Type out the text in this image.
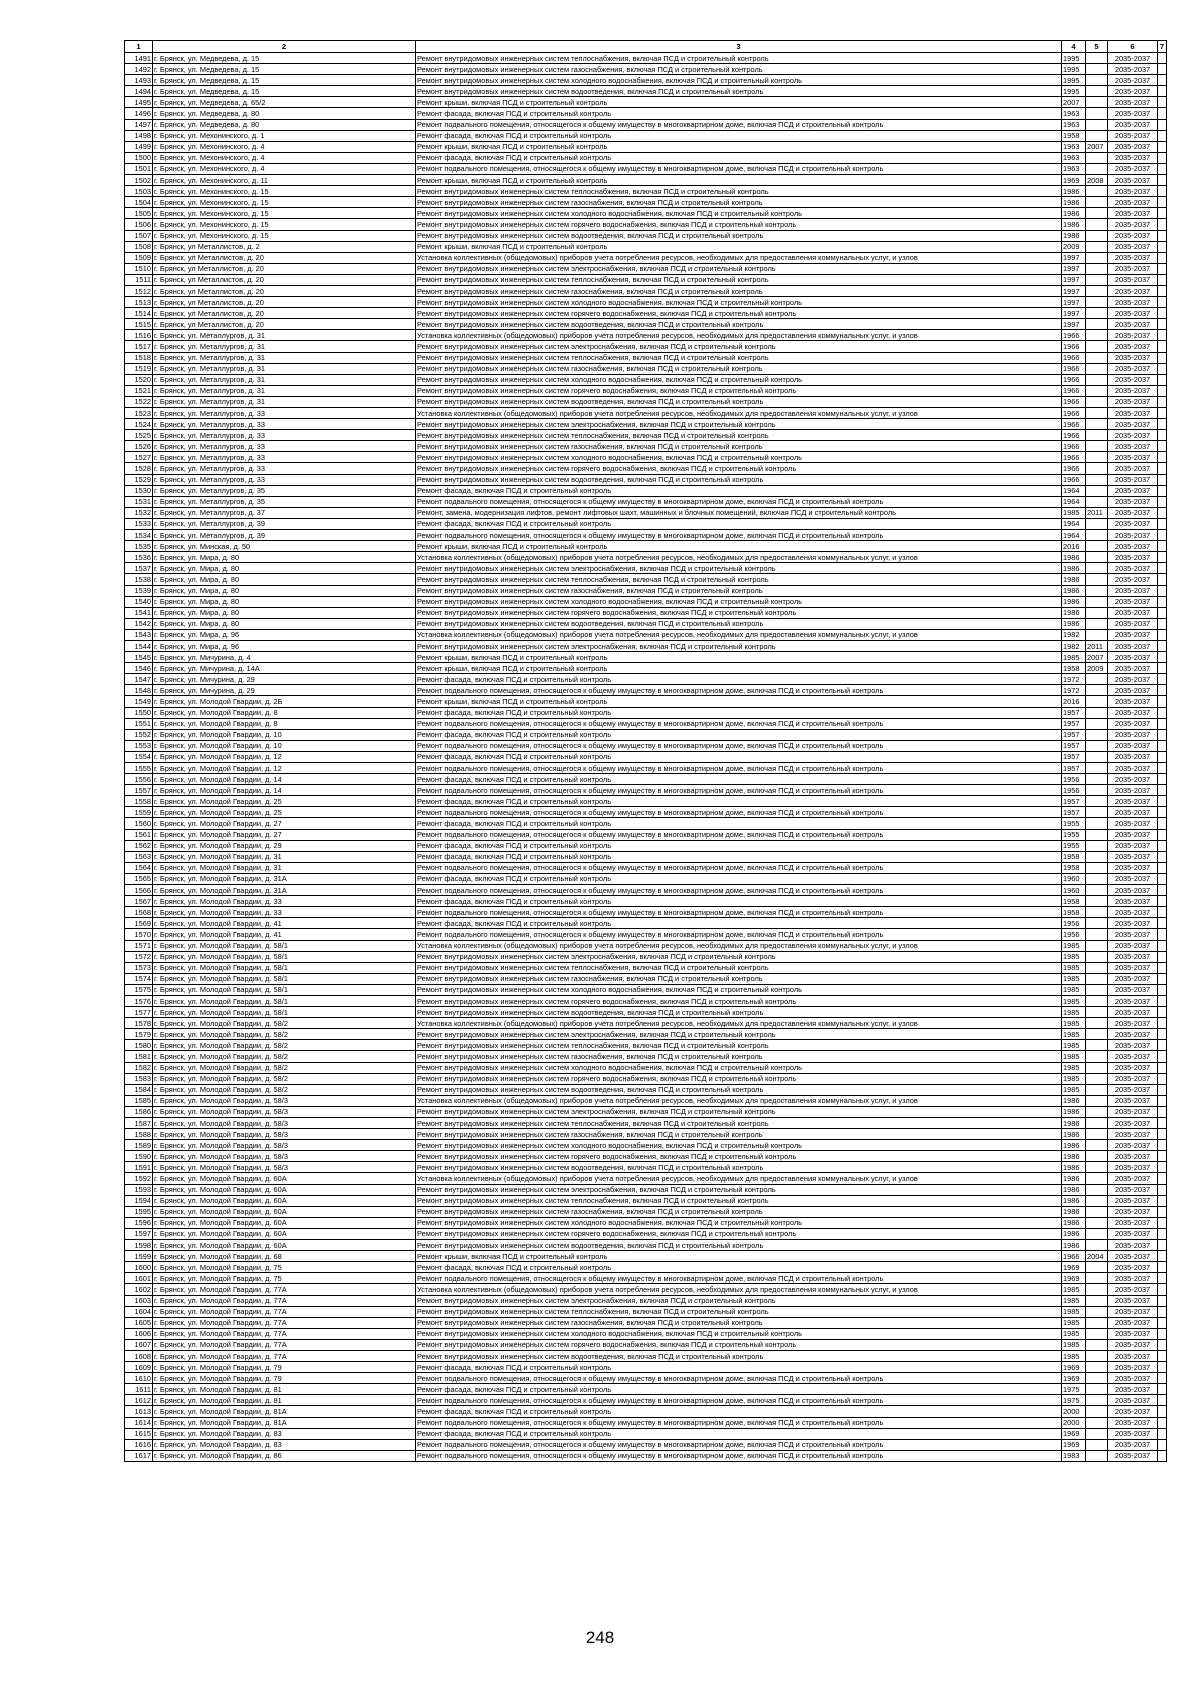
1	2	3	4	5	6	7
1491	г. Брянск, ул. Медведева, д. 15	Ремонт внутридомовых инженерных систем теплоснабжения, включая ПСД и строительный контроль	1995		2035-2037	
1492	г. Брянск, ул. Медведева, д. 15	Ремонт внутридомовых инженерных систем газоснабжения, включая ПСД и строительный контроль	1995		2035-2037	
1493	г. Брянск, ул. Медведева, д. 15	Ремонт внутридомовых инженерных систем холодного водоснабжения, включая ПСД и строительный контроль	1995		2035-2037	
1494	г. Брянск, ул. Медведева, д. 15	Ремонт внутридомовых инженерных систем водоотведения, включая ПСД и строительный контроль	1995		2035-2037	
1495	г. Брянск, ул. Медведева, д. 65/2	Ремонт крыши, включая ПСД и строительный контроль	2007		2035-2037	
1496	г. Брянск, ул. Медведева, д. 80	Ремонт фасада, включая ПСД и строительный контроль	1963		2035-2037	
1497	г. Брянск, ул. Медведева, д. 80	Ремонт подвального помещения, относящегося к общему имуществу в многоквартирном доме, включая ПСД и строительный контроль	1963		2035-2037	
1498	г. Брянск, ул. Мехонинского, д. 1	Ремонт фасада, включая ПСД и строительный контроль	1958		2035-2037	
1499	г. Брянск, ул. Мехонинского, д. 4	Ремонт крыши, включая ПСД и строительный контроль	1963	2007	2035-2037	
1500	г. Брянск, ул. Мехонинского, д. 4	Ремонт фасада, включая ПСД и строительный контроль	1963		2035-2037	
1501	г. Брянск, ул. Мехонинского, д. 4	Ремонт подвального помещения, относящегося к общему имуществу в многоквартирном доме, включая ПСД и строительный контроль	1963		2035-2037	
1502	г. Брянск, ул. Мехонинского, д. 11	Ремонт крыши, включая ПСД и строительный контроль	1969	2008	2035-2037	
1503	г. Брянск, ул. Мехонинского, д. 15	Ремонт внутридомовых инженерных систем теплоснабжения, включая ПСД и строительный контроль	1986		2035-2037	
1504	г. Брянск, ул. Мехонинского, д. 15	Ремонт внутридомовых инженерных систем газоснабжения, включая ПСД и строительный контроль	1986		2035-2037	
1505	г. Брянск, ул. Мехонинского, д. 15	Ремонт внутридомовых инженерных систем холодного водоснабжения, включая ПСД и строительный контроль	1986		2035-2037	
1506	г. Брянск, ул. Мехонинского, д. 15	Ремонт внутридомовых инженерных систем горячего водоснабжения, включая ПСД и строительный контроль	1986		2035-2037	
1507	г. Брянск, ул. Мехонинского, д. 15	Ремонт внутридомовых инженерных систем водоотведения, включая ПСД и строительный контроль	1986		2035-2037	
1508	г. Брянск, ул Металлистов, д. 2	Ремонт крыши, включая ПСД и строительный контроль	2009		2035-2037	
1509	г. Брянск, ул Металлистов, д. 20	Установка коллективных (общедомовых) приборов учета потребления ресурсов, необходимых для предоставления коммунальных услуг, и узлов	1997		2035-2037	
1510	г. Брянск, ул Металлистов, д. 20	Ремонт внутридомовых инженерных систем электроснабжения, включая ПСД и строительный контроль	1997		2035-2037	
1511	г. Брянск, ул Металлистов, д. 20	Ремонт внутридомовых инженерных систем теплоснабжения, включая ПСД и строительный контроль	1997		2035-2037	
1512	г. Брянск, ул Металлистов, д. 20	Ремонт внутридомовых инженерных систем газоснабжения, включая ПСД и строительный контроль	1997		2035-2037	
1513	г. Брянск, ул Металлистов, д. 20	Ремонт внутридомовых инженерных систем холодного водоснабжения, включая ПСД и строительный контроль	1997		2035-2037	
1514	г. Брянск, ул Металлистов, д. 20	Ремонт внутридомовых инженерных систем горячего водоснабжения, включая ПСД и строительный контроль	1997		2035-2037	
1515	г. Брянск, ул Металлистов, д. 20	Ремонт внутридомовых инженерных систем водоотведения, включая ПСД и строительный контроль	1997		2035-2037	
1516	г. Брянск, ул. Металлургов, д. 31	Установка коллективных (общедомовых) приборов учета потребления ресурсов, необходимых для предоставления коммунальных услуг, и узлов	1966		2035-2037	
1517	г. Брянск, ул. Металлургов, д. 31	Ремонт внутридомовых инженерных систем электроснабжения, включая ПСД и строительный контроль	1966		2035-2037	
1518	г. Брянск, ул. Металлургов, д. 31	Ремонт внутридомовых инженерных систем теплоснабжения, включая ПСД и строительный контроль	1966		2035-2037	
1519	г. Брянск, ул. Металлургов, д. 31	Ремонт внутридомовых инженерных систем газоснабжения, включая ПСД и строительный контроль	1966		2035-2037	
1520	г. Брянск, ул. Металлургов, д. 31	Ремонт внутридомовых инженерных систем холодного водоснабжения, включая ПСД и строительный контроль	1966		2035-2037	
1521	г. Брянск, ул. Металлургов, д. 31	Ремонт внутридомовых инженерных систем горячего водоснабжения, включая ПСД и строительный контроль	1966		2035-2037	
1522	г. Брянск, ул. Металлургов, д. 31	Ремонт внутридомовых инженерных систем водоотведения, включая ПСД и строительный контроль	1966		2035-2037	
1523	г. Брянск, ул. Металлургов, д. 33	Установка коллективных (общедомовых) приборов учета потребления ресурсов, необходимых для предоставления коммунальных услуг, и узлов	1966		2035-2037	
1524	г. Брянск, ул. Металлургов, д. 33	Ремонт внутридомовых инженерных систем электроснабжения, включая ПСД и строительный контроль	1966		2035-2037	
1525	г. Брянск, ул. Металлургов, д. 33	Ремонт внутридомовых инженерных систем теплоснабжения, включая ПСД и строительный контроль	1966		2035-2037	
1526	г. Брянск, ул. Металлургов, д. 33	Ремонт внутридомовых инженерных систем газоснабжения, включая ПСД и строительный контроль	1966		2035-2037	
1527	г. Брянск, ул. Металлургов, д. 33	Ремонт внутридомовых инженерных систем холодного водоснабжения, включая ПСД и строительный контроль	1966		2035-2037	
1528	г. Брянск, ул. Металлургов, д. 33	Ремонт внутридомовых инженерных систем горячего водоснабжения, включая ПСД и строительный контроль	1966		2035-2037	
1529	г. Брянск, ул. Металлургов, д. 33	Ремонт внутридомовых инженерных систем водоотведения, включая ПСД и строительный контроль	1966		2035-2037	
1530	г. Брянск, ул. Металлургов, д. 35	Ремонт фасада, включая ПСД и строительный контроль	1964		2035-2037	
1531	г. Брянск, ул. Металлургов, д. 35	Ремонт подвального помещения, относящегося к общему имуществу в многоквартирном доме, включая ПСД и строительный контроль	1964		2035-2037	
1532	г. Брянск, ул. Металлургов, д. 37	Ремонт, замена, модернизация лифтов, ремонт лифтовых шахт, машинных и блочных помещений, включая ПСД и строительный контроль	1985	2011	2035-2037	
1533	г. Брянск, ул. Металлургов, д. 39	Ремонт фасада, включая ПСД и строительный контроль	1964		2035-2037	
1534	г. Брянск, ул. Металлургов, д. 39	Ремонт подвального помещения, относящегося к общему имуществу в многоквартирном доме, включая ПСД и строительный контроль	1964		2035-2037	
1535	г. Брянск, ул. Минская, д. 50	Ремонт крыши, включая ПСД и строительный контроль	2016		2035-2037	
1536	г. Брянск, ул. Мира, д. 80	Установка коллективных (общедомовых) приборов учета потребления ресурсов, необходимых для предоставления коммунальных услуг, и узлов	1986		2035-2037	
1537	г. Брянск, ул. Мира, д. 80	Ремонт внутридомовых инженерных систем электроснабжения, включая ПСД и строительный контроль	1986		2035-2037	
1538	г. Брянск, ул. Мира, д. 80	Ремонт внутридомовых инженерных систем теплоснабжения, включая ПСД и строительный контроль	1986		2035-2037	
1539	г. Брянск, ул. Мира, д. 80	Ремонт внутридомовых инженерных систем газоснабжения, включая ПСД и строительный контроль	1986		2035-2037	
1540	г. Брянск, ул. Мира, д. 80	Ремонт внутридомовых инженерных систем холодного водоснабжения, включая ПСД и строительный контроль	1986		2035-2037	
1541	г. Брянск, ул. Мира, д. 80	Ремонт внутридомовых инженерных систем горячего водоснабжения, включая ПСД и строительный контроль	1986		2035-2037	
1542	г. Брянск, ул. Мира, д. 80	Ремонт внутридомовых инженерных систем водоотведения, включая ПСД и строительный контроль	1986		2035-2037	
1543	г. Брянск, ул. Мира, д. 96	Установка коллективных (общедомовых) приборов учета потребления ресурсов, необходимых для предоставления коммунальных услуг, и узлов	1982		2035-2037	
1544	г. Брянск, ул. Мира, д. 96	Ремонт внутридомовых инженерных систем электроснабжения, включая ПСД и строительный контроль	1982	2011	2035-2037	
1545	г. Брянск, ул. Мичурина, д. 4	Ремонт крыши, включая ПСД и строительный контроль	1985	2007	2035-2037	
1546	г. Брянск, ул. Мичурина, д. 14А	Ремонт крыши, включая ПСД и строительный контроль	1958	2009	2035-2037	
1547	г. Брянск, ул. Мичурина, д. 29	Ремонт фасада, включая ПСД и строительный контроль	1972		2035-2037	
1548	г. Брянск, ул. Мичурина, д. 29	Ремонт подвального помещения, относящегося к общему имуществу в многоквартирном доме, включая ПСД и строительный контроль	1972		2035-2037	
1549	г. Брянск, ул. Молодой Гвардии, д. 2Б	Ремонт крыши, включая ПСД и строительный контроль	2016		2035-2037	
1550	г. Брянск, ул. Молодой Гвардии, д. 8	Ремонт фасада, включая ПСД и строительный контроль	1957		2035-2037	
1551	г. Брянск, ул. Молодой Гвардии, д. 8	Ремонт подвального помещения, относящегося к общему имуществу в многоквартирном доме, включая ПСД и строительный контроль	1957		2035-2037	
1552	г. Брянск, ул. Молодой Гвардии, д. 10	Ремонт фасада, включая ПСД и строительный контроль	1957		2035-2037	
1553	г. Брянск, ул. Молодой Гвардии, д. 10	Ремонт подвального помещения, относящегося к общему имуществу в многоквартирном доме, включая ПСД и строительный контроль	1957		2035-2037	
1554	г. Брянск, ул. Молодой Гвардии, д. 12	Ремонт фасада, включая ПСД и строительный контроль	1957		2035-2037	
1555	г. Брянск, ул. Молодой Гвардии, д. 12	Ремонт подвального помещения, относящегося к общему имуществу в многоквартирном доме, включая ПСД и строительный контроль	1957		2035-2037	
1556	г. Брянск, ул. Молодой Гвардии, д. 14	Ремонт фасада, включая ПСД и строительный контроль	1956		2035-2037	
1557	г. Брянск, ул. Молодой Гвардии, д. 14	Ремонт подвального помещения, относящегося к общему имуществу в многоквартирном доме, включая ПСД и строительный контроль	1956		2035-2037	
1558	г. Брянск, ул. Молодой Гвардии, д. 25	Ремонт фасада, включая ПСД и строительный контроль	1957		2035-2037	
1559	г. Брянск, ул. Молодой Гвардии, д. 25	Ремонт подвального помещения, относящегося к общему имуществу в многоквартирном доме, включая ПСД и строительный контроль	1957		2035-2037	
1560	г. Брянск, ул. Молодой Гвардии, д. 27	Ремонт фасада, включая ПСД и строительный контроль	1955		2035-2037	
1561	г. Брянск, ул. Молодой Гвардии, д. 27	Ремонт подвального помещения, относящегося к общему имуществу в многоквартирном доме, включая ПСД и строительный контроль	1955		2035-2037	
1562	г. Брянск, ул. Молодой Гвардии, д. 29	Ремонт фасада, включая ПСД и строительный контроль	1955		2035-2037	
1563	г. Брянск, ул. Молодой Гвардии, д. 31	Ремонт фасада, включая ПСД и строительный контроль	1958		2035-2037	
1564	г. Брянск, ул. Молодой Гвардии, д. 31	Ремонт подвального помещения, относящегося к общему имуществу в многоквартирном доме, включая ПСД и строительный контроль	1958		2035-2037	
1565	г. Брянск, ул. Молодой Гвардии, д. 31А	Ремонт фасада, включая ПСД и строительный контроль	1960		2035-2037	
1566	г. Брянск, ул. Молодой Гвардии, д. 31А	Ремонт подвального помещения, относящегося к общему имуществу в многоквартирном доме, включая ПСД и строительный контроль	1960		2035-2037	
1567	г. Брянск, ул. Молодой Гвардии, д. 33	Ремонт фасада, включая ПСД и строительный контроль	1958		2035-2037	
1568	г. Брянск, ул. Молодой Гвардии, д. 33	Ремонт подвального помещения, относящегося к общему имуществу в многоквартирном доме, включая ПСД и строительный контроль	1958		2035-2037	
1569	г. Брянск, ул. Молодой Гвардии, д. 41	Ремонт фасада, включая ПСД и строительный контроль	1956		2035-2037	
1570	г. Брянск, ул. Молодой Гвардии, д. 41	Ремонт подвального помещения, относящегося к общему имуществу в многоквартирном доме, включая ПСД и строительный контроль	1956		2035-2037	
1571	г. Брянск, ул. Молодой Гвардии, д. 58/1	Установка коллективных (общедомовых) приборов учета потребления ресурсов, необходимых для предоставления коммунальных услуг, и узлов	1985		2035-2037	
1572	г. Брянск, ул. Молодой Гвардии, д. 58/1	Ремонт внутридомовых инженерных систем электроснабжения, включая ПСД и строительный контроль	1985		2035-2037	
1573	г. Брянск, ул. Молодой Гвардии, д. 58/1	Ремонт внутридомовых инженерных систем теплоснабжения, включая ПСД и строительный контроль	1985		2035-2037	
1574	г. Брянск, ул. Молодой Гвардии, д. 58/1	Ремонт внутридомовых инженерных систем газоснабжения, включая ПСД и строительный контроль	1985		2035-2037	
1575	г. Брянск, ул. Молодой Гвардии, д. 58/1	Ремонт внутридомовых инженерных систем холодного водоснабжения, включая ПСД и строительный контроль	1985		2035-2037	
1576	г. Брянск, ул. Молодой Гвардии, д. 58/1	Ремонт внутридомовых инженерных систем горячего водоснабжения, включая ПСД и строительный контроль	1985		2035-2037	
1577	г. Брянск, ул. Молодой Гвардии, д. 58/1	Ремонт внутридомовых инженерных систем водоотведения, включая ПСД и строительный контроль	1985		2035-2037	
1578	г. Брянск, ул. Молодой Гвардии, д. 58/2	Установка коллективных (общедомовых) приборов учета потребления ресурсов, необходимых для предоставления коммунальных услуг, и узлов	1985		2035-2037	
1579	г. Брянск, ул. Молодой Гвардии, д. 58/2	Ремонт внутридомовых инженерных систем электроснабжения, включая ПСД и строительный контроль	1985		2035-2037	
1580	г. Брянск, ул. Молодой Гвардии, д. 58/2	Ремонт внутридомовых инженерных систем теплоснабжения, включая ПСД и строительный контроль	1985		2035-2037	
1581	г. Брянск, ул. Молодой Гвардии, д. 58/2	Ремонт внутридомовых инженерных систем газоснабжения, включая ПСД и строительный контроль	1985		2035-2037	
1582	г. Брянск, ул. Молодой Гвардии, д. 58/2	Ремонт внутридомовых инженерных систем холодного водоснабжения, включая ПСД и строительный контроль	1985		2035-2037	
1583	г. Брянск, ул. Молодой Гвардии, д. 58/2	Ремонт внутридомовых инженерных систем горячего водоснабжения, включая ПСД и строительный контроль	1985		2035-2037	
1584	г. Брянск, ул. Молодой Гвардии, д. 58/2	Ремонт внутридомовых инженерных систем водоотведения, включая ПСД и строительный контроль	1985		2035-2037	
1585	г. Брянск, ул. Молодой Гвардии, д. 58/3	Установка коллективных (общедомовых) приборов учета потребления ресурсов, необходимых для предоставления коммунальных услуг, и узлов	1986		2035-2037	
1586	г. Брянск, ул. Молодой Гвардии, д. 58/3	Ремонт внутридомовых инженерных систем электроснабжения, включая ПСД и строительный контроль	1986		2035-2037	
1587	г. Брянск, ул. Молодой Гвардии, д. 58/3	Ремонт внутридомовых инженерных систем теплоснабжения, включая ПСД и строительный контроль	1986		2035-2037	
1588	г. Брянск, ул. Молодой Гвардии, д. 58/3	Ремонт внутридомовых инженерных систем газоснабжения, включая ПСД и строительный контроль	1986		2035-2037	
1589	г. Брянск, ул. Молодой Гвардии, д. 58/3	Ремонт внутридомовых инженерных систем холодного водоснабжения, включая ПСД и строительный контроль	1986		2035-2037	
1590	г. Брянск, ул. Молодой Гвардии, д. 58/3	Ремонт внутридомовых инженерных систем горячего водоснабжения, включая ПСД и строительный контроль	1986		2035-2037	
1591	г. Брянск, ул. Молодой Гвардии, д. 58/3	Ремонт внутридомовых инженерных систем водоотведения, включая ПСД и строительный контроль	1986		2035-2037	
1592	г. Брянск, ул. Молодой Гвардии, д. 60А	Установка коллективных (общедомовых) приборов учета потребления ресурсов, необходимых для предоставления коммунальных услуг, и узлов	1986		2035-2037	
1593	г. Брянск, ул. Молодой Гвардии, д. 60А	Ремонт внутридомовых инженерных систем электроснабжения, включая ПСД и строительный контроль	1986		2035-2037	
1594	г. Брянск, ул. Молодой Гвардии, д. 60А	Ремонт внутридомовых инженерных систем теплоснабжения, включая ПСД и строительный контроль	1986		2035-2037	
1595	г. Брянск, ул. Молодой Гвардии, д. 60А	Ремонт внутридомовых инженерных систем газоснабжения, включая ПСД и строительный контроль	1986		2035-2037	
1596	г. Брянск, ул. Молодой Гвардии, д. 60А	Ремонт внутридомовых инженерных систем холодного водоснабжения, включая ПСД и строительный контроль	1986		2035-2037	
1597	г. Брянск, ул. Молодой Гвардии, д. 60А	Ремонт внутридомовых инженерных систем горячего водоснабжения, включая ПСД и строительный контроль	1986		2035-2037	
1598	г. Брянск, ул. Молодой Гвардии, д. 60А	Ремонт внутридомовых инженерных систем водоотведения, включая ПСД и строительный контроль	1986		2035-2037	
1599	г. Брянск, ул. Молодой Гвардии, д. 68	Ремонт крыши, включая ПСД и строительный контроль	1966	2004	2035-2037	
1600	г. Брянск, ул. Молодой Гвардии, д. 75	Ремонт фасада, включая ПСД и строительный контроль	1969		2035-2037	
1601	г. Брянск, ул. Молодой Гвардии, д. 75	Ремонт подвального помещения, относящегося к общему имуществу в многоквартирном доме, включая ПСД и строительный контроль	1969		2035-2037	
1602	г. Брянск, ул. Молодой Гвардии, д. 77А	Установка коллективных (общедомовых) приборов учета потребления ресурсов, необходимых для предоставления коммунальных услуг, и узлов	1985		2035-2037	
1603	г. Брянск, ул. Молодой Гвардии, д. 77А	Ремонт внутридомовых инженерных систем электроснабжения, включая ПСД и строительный контроль	1985		2035-2037	
1604	г. Брянск, ул. Молодой Гвардии, д. 77А	Ремонт внутридомовых инженерных систем теплоснабжения, включая ПСД и строительный контроль	1985		2035-2037	
1605	г. Брянск, ул. Молодой Гвардии, д. 77А	Ремонт внутридомовых инженерных систем газоснабжения, включая ПСД и строительный контроль	1985		2035-2037	
1606	г. Брянск, ул. Молодой Гвардии, д. 77А	Ремонт внутридомовых инженерных систем холодного водоснабжения, включая ПСД и строительный контроль	1985		2035-2037	
1607	г. Брянск, ул. Молодой Гвардии, д. 77А	Ремонт внутридомовых инженерных систем горячего водоснабжения, включая ПСД и строительный контроль	1985		2035-2037	
1608	г. Брянск, ул. Молодой Гвардии, д. 77А	Ремонт внутридомовых инженерных систем водоотведения, включая ПСД и строительный контроль	1985		2035-2037	
1609	г. Брянск, ул. Молодой Гвардии, д. 79	Ремонт фасада, включая ПСД и строительный контроль	1969		2035-2037	
1610	г. Брянск, ул. Молодой Гвардии, д. 79	Ремонт подвального помещения, относящегося к общему имуществу в многоквартирном доме, включая ПСД и строительный контроль	1969		2035-2037	
1611	г. Брянск, ул. Молодой Гвардии, д. 81	Ремонт фасада, включая ПСД и строительный контроль	1975		2035-2037	
1612	г. Брянск, ул. Молодой Гвардии, д. 81	Ремонт подвального помещения, относящегося к общему имуществу в многоквартирном доме, включая ПСД и строительный контроль	1975		2035-2037	
1613	г. Брянск, ул. Молодой Гвардии, д. 81А	Ремонт фасада, включая ПСД и строительный контроль	2000		2035-2037	
1614	г. Брянск, ул. Молодой Гвардии, д. 81А	Ремонт подвального помещения, относящегося к общему имуществу в многоквартирном доме, включая ПСД и строительный контроль	2000		2035-2037	
1615	г. Брянск, ул. Молодой Гвардии, д. 83	Ремонт фасада, включая ПСД и строительный контроль	1969		2035-2037	
1616	г. Брянск, ул. Молодой Гвардии, д. 83	Ремонт подвального помещения, относящегося к общему имуществу в многоквартирном доме, включая ПСД и строительный контроль	1969		2035-2037	
1617	г. Брянск, ул. Молодой Гвардии, д. 86	Ремонт подвального помещения, относящегося к общему имуществу в многоквартирном доме, включая ПСД и строительный контроль	1983		2035-2037	
248
